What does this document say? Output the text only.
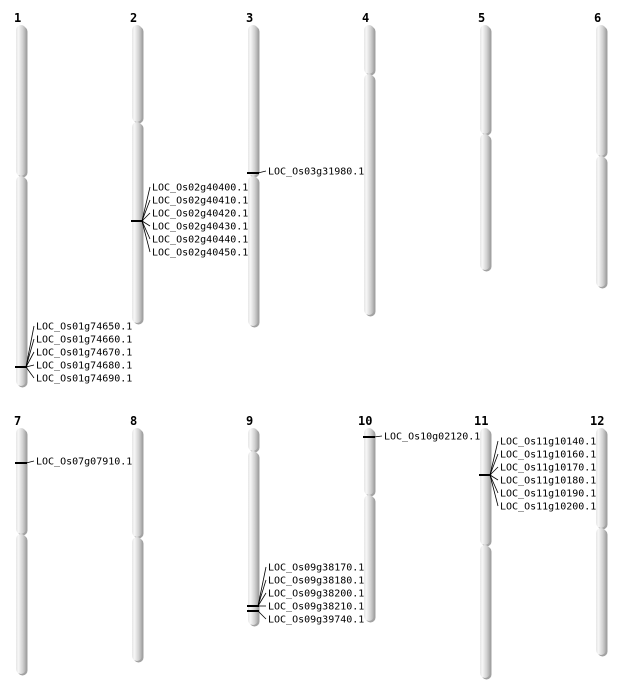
1
LOC_Os01g74650.1
LOC_Os01g74660.1
LOC_Os01g74670.1
LOC_Os01g74680.1
LOC_Os01g74690.1
2
LOC_Os02g40400.1
LOC_Os02g40410.1
LOC_Os02g40420.1
LOC_Os02g40430.1
LOC_Os02g40440.1
LOC_Os02g40450.1
3
LOC_Os03g31980.1
4	5	6
7
LOC_Os07g07910.1
8	9
LOC_Os09g38170.1
LOC_Os09g38180.1
LOC_Os09g38200.1
LOC_Os09g38210.1
LOC_Os09g39740.1
10
LOC_Os10g02120.1
11
LOC_Os11g10140.1
LOC_Os11g10160.1
LOC_Os11g10170.1
LOC_Os11g10180.1
LOC_Os11g10190.1
LOC_Os11g10200.1
12
